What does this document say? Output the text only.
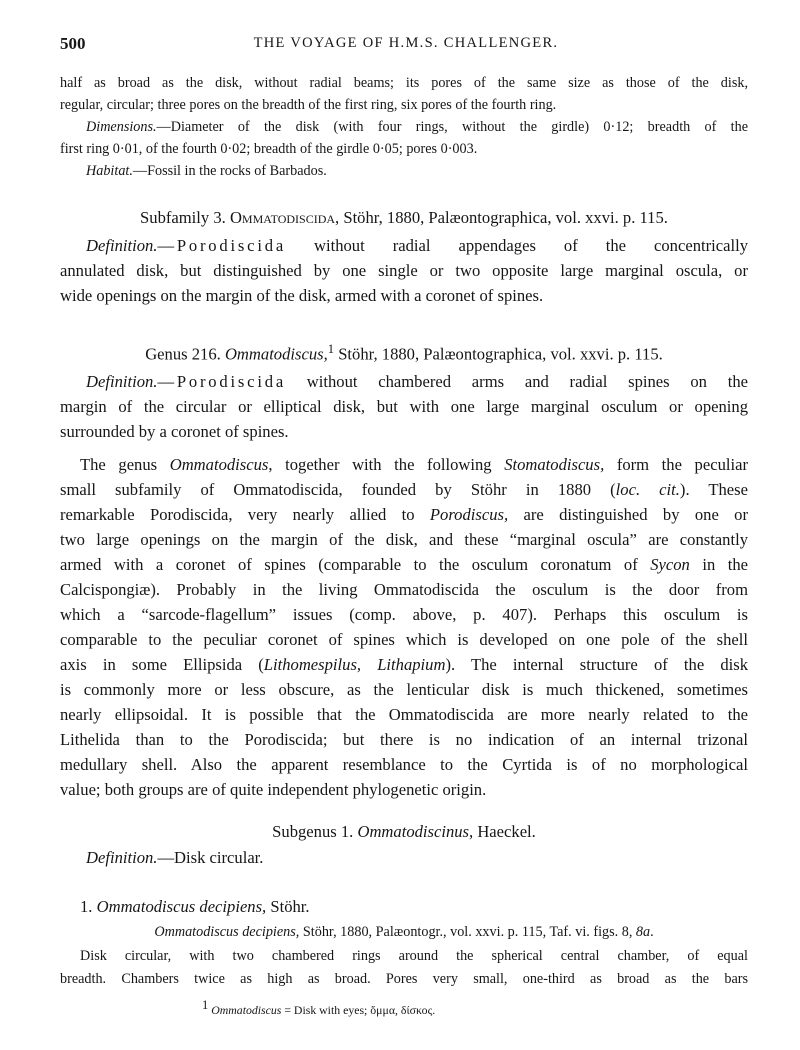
500	THE VOYAGE OF H.M.S. CHALLENGER.
half as broad as the disk, without radial beams; its pores of the same size as those of the disk,
regular, circular; three pores on the breadth of the first ring, six pores of the fourth ring.
Dimensions.—Diameter of the disk (with four rings, without the girdle) 0·12; breadth of the
first ring 0·01, of the fourth 0·02; breadth of the girdle 0·05; pores 0·003.
Habitat.—Fossil in the rocks of Barbados.
Subfamily 3. Ommatodiscida, Stöhr, 1880, Palæontographica, vol. xxvi. p. 115.
Definition.—Porodiscida without radial appendages of the concentrically
annulated disk, but distinguished by one single or two opposite large marginal oscula, or
wide openings on the margin of the disk, armed with a coronet of spines.
Genus 216. Ommatodiscus,$^1$ Stöhr, 1880, Palæontographica, vol. xxvi. p. 115.
Definition.—Porodiscida without chambered arms and radial spines on the
margin of the circular or elliptical disk, but with one large marginal osculum or opening
surrounded by a coronet of spines.
The genus Ommatodiscus, together with the following Stomatodiscus, form the peculiar
small subfamily of Ommatodiscida, founded by Stöhr in 1880 (loc. cit.). These
remarkable Porodiscida, very nearly allied to Porodiscus, are distinguished by one or
two large openings on the margin of the disk, and these “marginal oscula” are constantly
armed with a coronet of spines (comparable to the osculum coronatum of Sycon in the
Calcispongiæ). Probably in the living Ommatodiscida the osculum is the door from
which a “sarcode-flagellum” issues (comp. above, p. 407). Perhaps this osculum is
comparable to the peculiar coronet of spines which is developed on one pole of the shell
axis in some Ellipsida (Lithomespilus, Lithapium). The internal structure of the disk
is commonly more or less obscure, as the lenticular disk is much thickened, sometimes
nearly ellipsoidal. It is possible that the Ommatodiscida are more nearly related to the
Lithelida than to the Porodiscida; but there is no indication of an internal trizonal
medullary shell. Also the apparent resemblance to the Cyrtida is of no morphological
value; both groups are of quite independent phylogenetic origin.
Subgenus 1. Ommatodiscinus, Haeckel.
Definition.—Disk circular.
1. Ommatodiscus decipiens, Stöhr.
Ommatodiscus decipiens, Stöhr, 1880, Palæontogr., vol. xxvi. p. 115, Taf. vi. figs. 8, 8a.
Disk circular, with two chambered rings around the spherical central chamber, of equal
breadth. Chambers twice as high as broad. Pores very small, one-third as broad as the bars
$^1$ Ommatodiscus = Disk with eyes; ὄμμα, δίσκος.
